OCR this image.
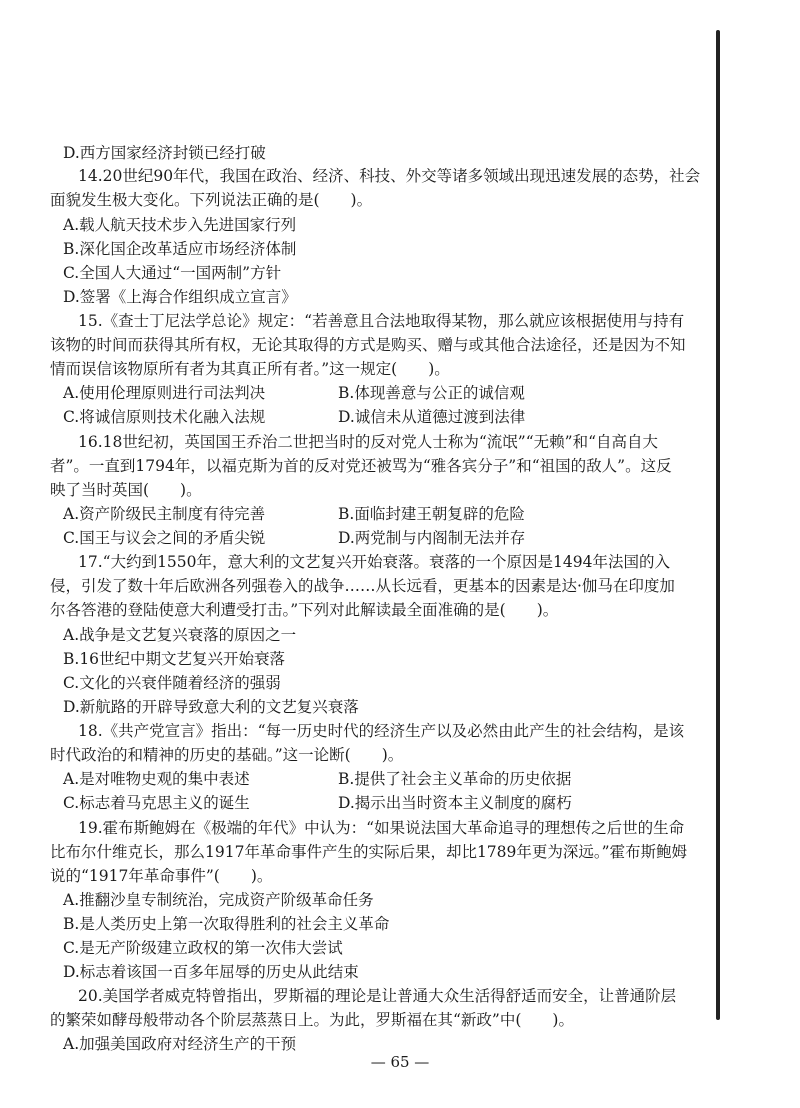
D.西方国家经济封锁已经打破
14.20世纪90年代，我国在政治、经济、科技、外交等诸多领域出现迅速发展的态势，社会
面貌发生极大变化。下列说法正确的是(　　)。
A.载人航天技术步入先进国家行列
B.深化国企改革适应市场经济体制
C.全国人大通过“一国两制”方针
D.签署《上海合作组织成立宣言》
15.《查士丁尼法学总论》规定：“若善意且合法地取得某物，那么就应该根据使用与持有
该物的时间而获得其所有权，无论其取得的方式是购买、赠与或其他合法途径，还是因为不知
情而误信该物原所有者为其真正所有者。”这一规定(　　)。
A.使用伦理原则进行司法判决	B.体现善意与公正的诚信观
C.将诚信原则技术化融入法规	D.诚信未从道德过渡到法律
16.18世纪初，英国国王乔治二世把当时的反对党人士称为“流氓”“无赖”和“自高自大
者”。一直到1794年，以福克斯为首的反对党还被骂为“雅各宾分子”和“祖国的敌人”。这反
映了当时英国(　　)。
A.资产阶级民主制度有待完善	B.面临封建王朝复辟的危险
C.国王与议会之间的矛盾尖锐	D.两党制与内阁制无法并存
17.“大约到1550年，意大利的文艺复兴开始衰落。衰落的一个原因是1494年法国的入
侵，引发了数十年后欧洲各列强卷入的战争……从长远看，更基本的因素是达·伽马在印度加
尔各答港的登陆使意大利遭受打击。”下列对此解读最全面准确的是(　　)。
A.战争是文艺复兴衰落的原因之一
B.16世纪中期文艺复兴开始衰落
C.文化的兴衰伴随着经济的强弱
D.新航路的开辟导致意大利的文艺复兴衰落
18.《共产党宣言》指出：“每一历史时代的经济生产以及必然由此产生的社会结构，是该
时代政治的和精神的历史的基础。”这一论断(　　)。
A.是对唯物史观的集中表述	B.提供了社会主义革命的历史依据
C.标志着马克思主义的诞生	D.揭示出当时资本主义制度的腐朽
19.霍布斯鲍姆在《极端的年代》中认为：“如果说法国大革命追寻的理想传之后世的生命
比布尔什维克长，那么1917年革命事件产生的实际后果，却比1789年更为深远。”霍布斯鲍姆
说的“1917年革命事件”(　　)。
A.推翻沙皇专制统治，完成资产阶级革命任务
B.是人类历史上第一次取得胜利的社会主义革命
C.是无产阶级建立政权的第一次伟大尝试
D.标志着该国一百多年屈辱的历史从此结束
20.美国学者威克特曾指出，罗斯福的理论是让普通大众生活得舒适而安全，让普通阶层
的繁荣如酵母般带动各个阶层蒸蒸日上。为此，罗斯福在其“新政”中(　　)。
A.加强美国政府对经济生产的干预
— 65 —
